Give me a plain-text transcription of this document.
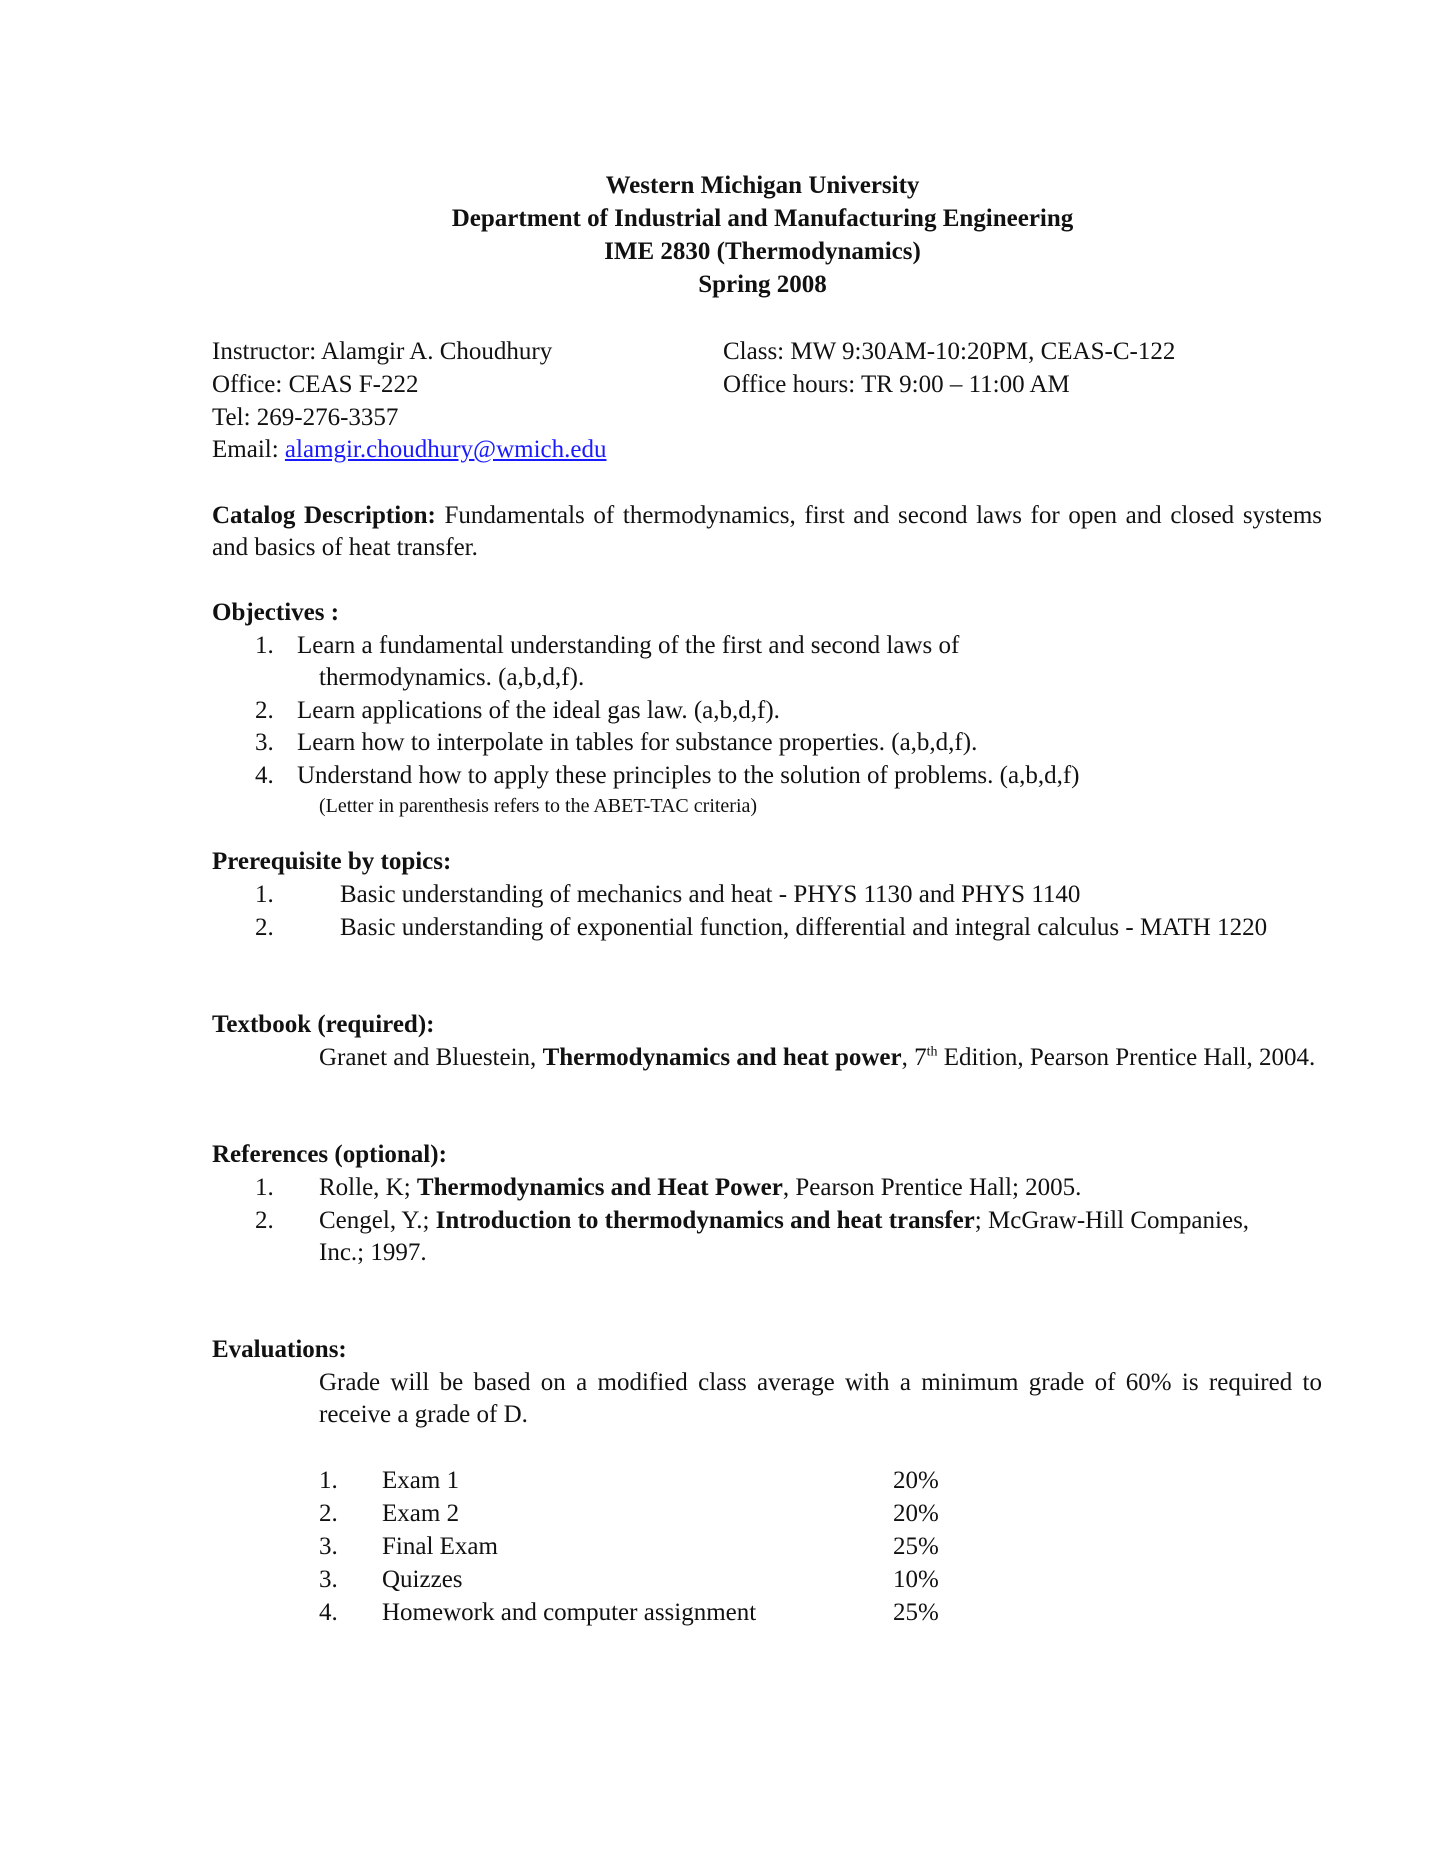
Western Michigan University
Department of Industrial and Manufacturing Engineering
IME 2830 (Thermodynamics)
Spring 2008
Instructor: Alamgir A. Choudhury
Office: CEAS F-222
Tel: 269-276-3357
Email: alamgir.choudhury@wmich.edu
Class: MW 9:30AM-10:20PM, CEAS-C-122
Office hours: TR 9:00 – 11:00 AM
Catalog Description: Fundamentals of thermodynamics, first and second laws for open and closed systems and basics of heat transfer.
Objectives :
1. Learn a fundamental understanding of the first and second laws of
thermodynamics. (a,b,d,f).
2. Learn applications of the ideal gas law. (a,b,d,f).
3. Learn how to interpolate in tables for substance properties. (a,b,d,f).
4. Understand how to apply these principles to the solution of problems. (a,b,d,f)
(Letter in parenthesis refers to the ABET-TAC criteria)
Prerequisite by topics:
1.	Basic understanding of mechanics and heat - PHYS 1130 and PHYS 1140
2.	Basic understanding of exponential function, differential and integral calculus - MATH 1220
Textbook (required):
Granet and Bluestein, Thermodynamics and heat power, 7th Edition, Pearson Prentice Hall, 2004.
References (optional):
1. Rolle, K; Thermodynamics and Heat Power, Pearson Prentice Hall; 2005.
2. Cengel, Y.; Introduction to thermodynamics and heat transfer; McGraw-Hill Companies, Inc.; 1997.
Evaluations:
Grade will be based on a modified class average with a minimum grade of 60% is required to receive a grade of D.
1. Exam 1	20%
2. Exam 2	20%
3. Final Exam	25%
3. Quizzes	10%
4. Homework and computer assignment	25%
